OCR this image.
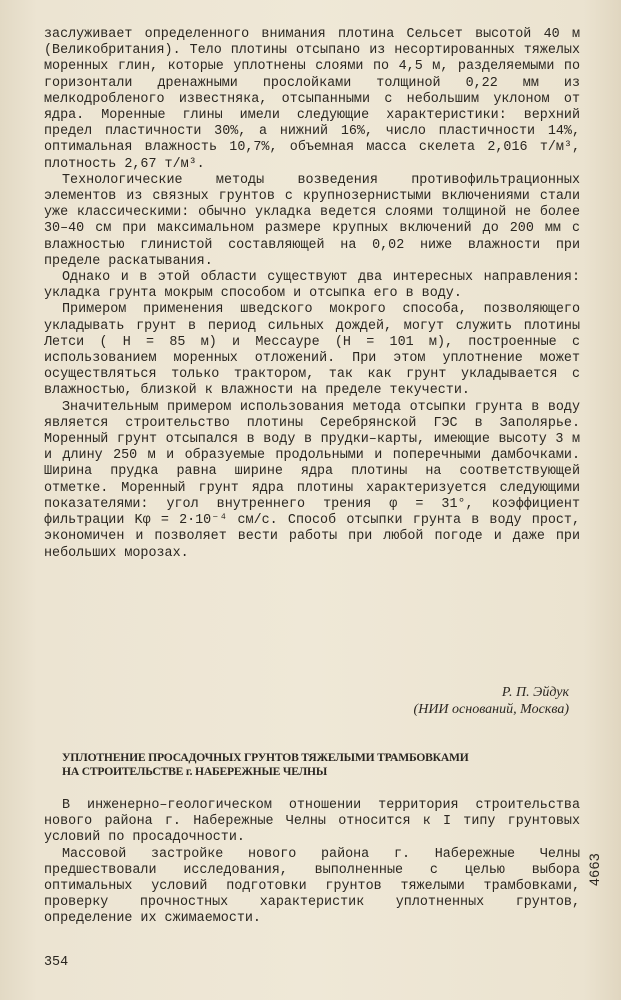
заслуживает определенного внимания плотина Сельсет высотой 40 м (Великобритания). Тело плотины отсыпано из несортированных тяжелых моренных глин, которые уплотнены слоями по 4,5 м, разделяемыми по горизонтали дренажными прослойками толщиной 0,22 мм из мелкодробленого известняка, отсыпанными с небольшим уклоном от ядра. Моренные глины имели следующие характеристики: верхний предел пластичности 30%, а нижний 16%, число пластичности 14%, оптимальная влажность 10,7%, объемная масса скелета 2,016 т/м³, плотность 2,67 т/м³.

Технологические методы возведения противофильтрационных элементов из связных грунтов с крупнозернистыми включениями стали уже классическими: обычно укладка ведется слоями толщиной не более 30–40 см при максимальном размере крупных включений до 200 мм с влажностью глинистой составляющей на 0,02 ниже влажности при пределе раскатывания.

Однако и в этой области существуют два интересных направления: укладка грунта мокрым способом и отсыпка его в воду.

Примером применения шведского мокрого способа, позволяющего укладывать грунт в период сильных дождей, могут служить плотины Летси ( H = 85 м) и Мессауре (H = 101 м), построенные с использованием моренных отложений. При этом уплотнение может осуществляться только трактором, так как грунт укладывается с влажностью, близкой к влажности на пределе текучести.

Значительным примером использования метода отсыпки грунта в воду является строительство плотины Серебрянской ГЭС в Заполярье. Моренный грунт отсыпался в воду в прудки–карты, имеющие высоту 3 м и длину 250 м и образуемые продольными и поперечными дамбочками. Ширина прудка равна ширине ядра плотины на соответствующей отметке. Моренный грунт ядра плотины характеризуется следующими показателями: угол внутреннего трения φ = 31°, коэффициент фильтрации Kφ = 2·10⁻⁴ см/с. Способ отсыпки грунта в воду прост, экономичен и позволяет вести работы при любой погоде и даже при небольших морозах.

Р. П. Эйдук
(НИИ оснований, Москва)
УПЛОТНЕНИЕ ПРОСАДОЧНЫХ ГРУНТОВ ТЯЖЕЛЫМИ ТРАМБОВКАМИ
НА СТРОИТЕЛЬСТВЕ г. НАБЕРЕЖНЫЕ ЧЕЛНЫ

В инженерно–геологическом отношении территория строительства нового района г. Набережные Челны относится к I типу грунтовых условий по просадочности.

Массовой застройке нового района г. Набережные Челны предшествовали исследования, выполненные с целью выбора оптимальных условий подготовки грунтов тяжелыми трамбовками, проверку прочностных характеристик уплотненных грунтов, определение их сжимаемости.

354
4663
